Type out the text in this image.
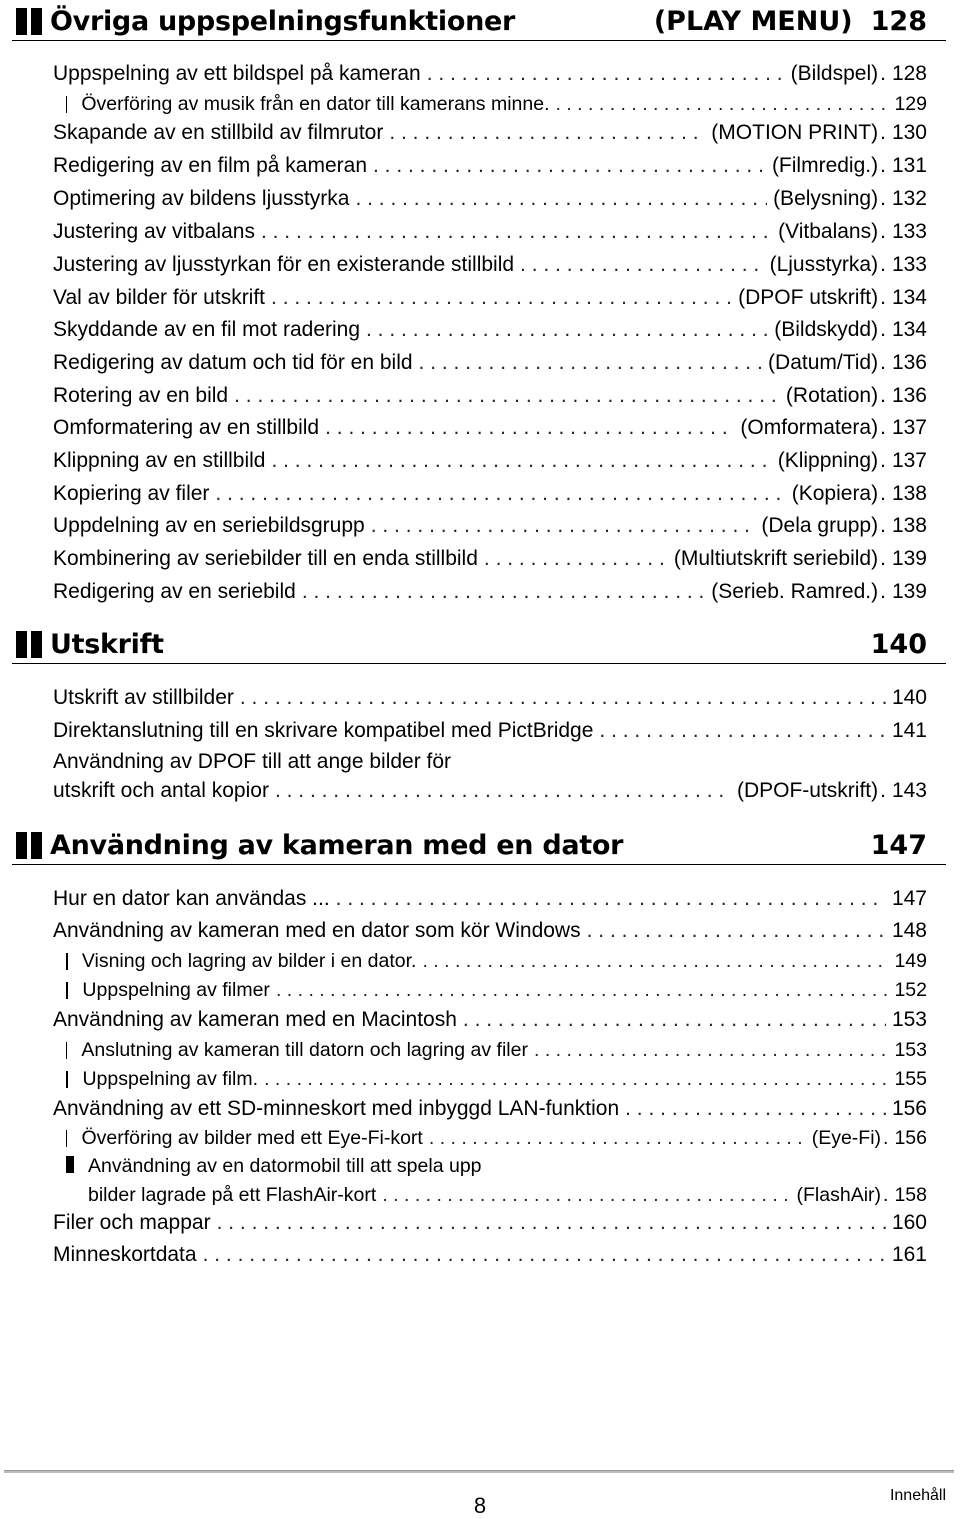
Övriga uppspelningsfunktioner	(PLAY MENU) 128
Uppspelning av ett bildspel på kameran . . .	(Bildspel) . 128
Överföring av musik från en dator till kamerans minne. . . .	129
Skapande av en stillbild av filmrutor . . .	(MOTION PRINT) . 130
Redigering av en film på kameran . . .	(Filmredig.) . 131
Optimering av bildens ljusstyrka . . .	(Belysning) . 132
Justering av vitbalans . . .	(Vitbalans) . 133
Justering av ljusstyrkan för en existerande stillbild . . .	(Ljusstyrka) . 133
Val av bilder för utskrift . . .	(DPOF utskrift) . 134
Skyddande av en fil mot radering . . .	(Bildskydd) . 134
Redigering av datum och tid för en bild . . .	(Datum/Tid) . 136
Rotering av en bild . . .	(Rotation) . 136
Omformatering av en stillbild . . .	(Omformatera) . 137
Klippning av en stillbild . . .	(Klippning) . 137
Kopiering av filer . . .	(Kopiera) . 138
Uppdelning av en seriebildsgrupp . . .	(Dela grupp) . 138
Kombinering av seriebilder till en enda stillbild . . .	(Multiutskrift seriebild) . 139
Redigering av en seriebild . . .	(Serieb. Ramred.) . 139
Utskrift	140
Utskrift av stillbilder . . .	140
Direktanslutning till en skrivare kompatibel med PictBridge . . .	141
Användning av DPOF till att ange bilder för
utskrift och antal kopior . . .	(DPOF-utskrift) . 143
Användning av kameran med en dator	147
Hur en dator kan användas ... . . .	147
Användning av kameran med en dator som kör Windows . . .	148
Visning och lagring av bilder i en dator. . . .	149
Uppspelning av filmer . . .	152
Användning av kameran med en Macintosh . . .	153
Anslutning av kameran till datorn och lagring av filer . . .	153
Uppspelning av film. . . .	155
Användning av ett SD-minneskort med inbyggd LAN-funktion . . .	156
Överföring av bilder med ett Eye-Fi-kort . . .	(Eye-Fi) . 156
Användning av en datormobil till att spela upp
bilder lagrade på ett FlashAir-kort . . .	(FlashAir) . 158
Filer och mappar . . .	160
Minneskortdata . . .	161
8	Innehåll
